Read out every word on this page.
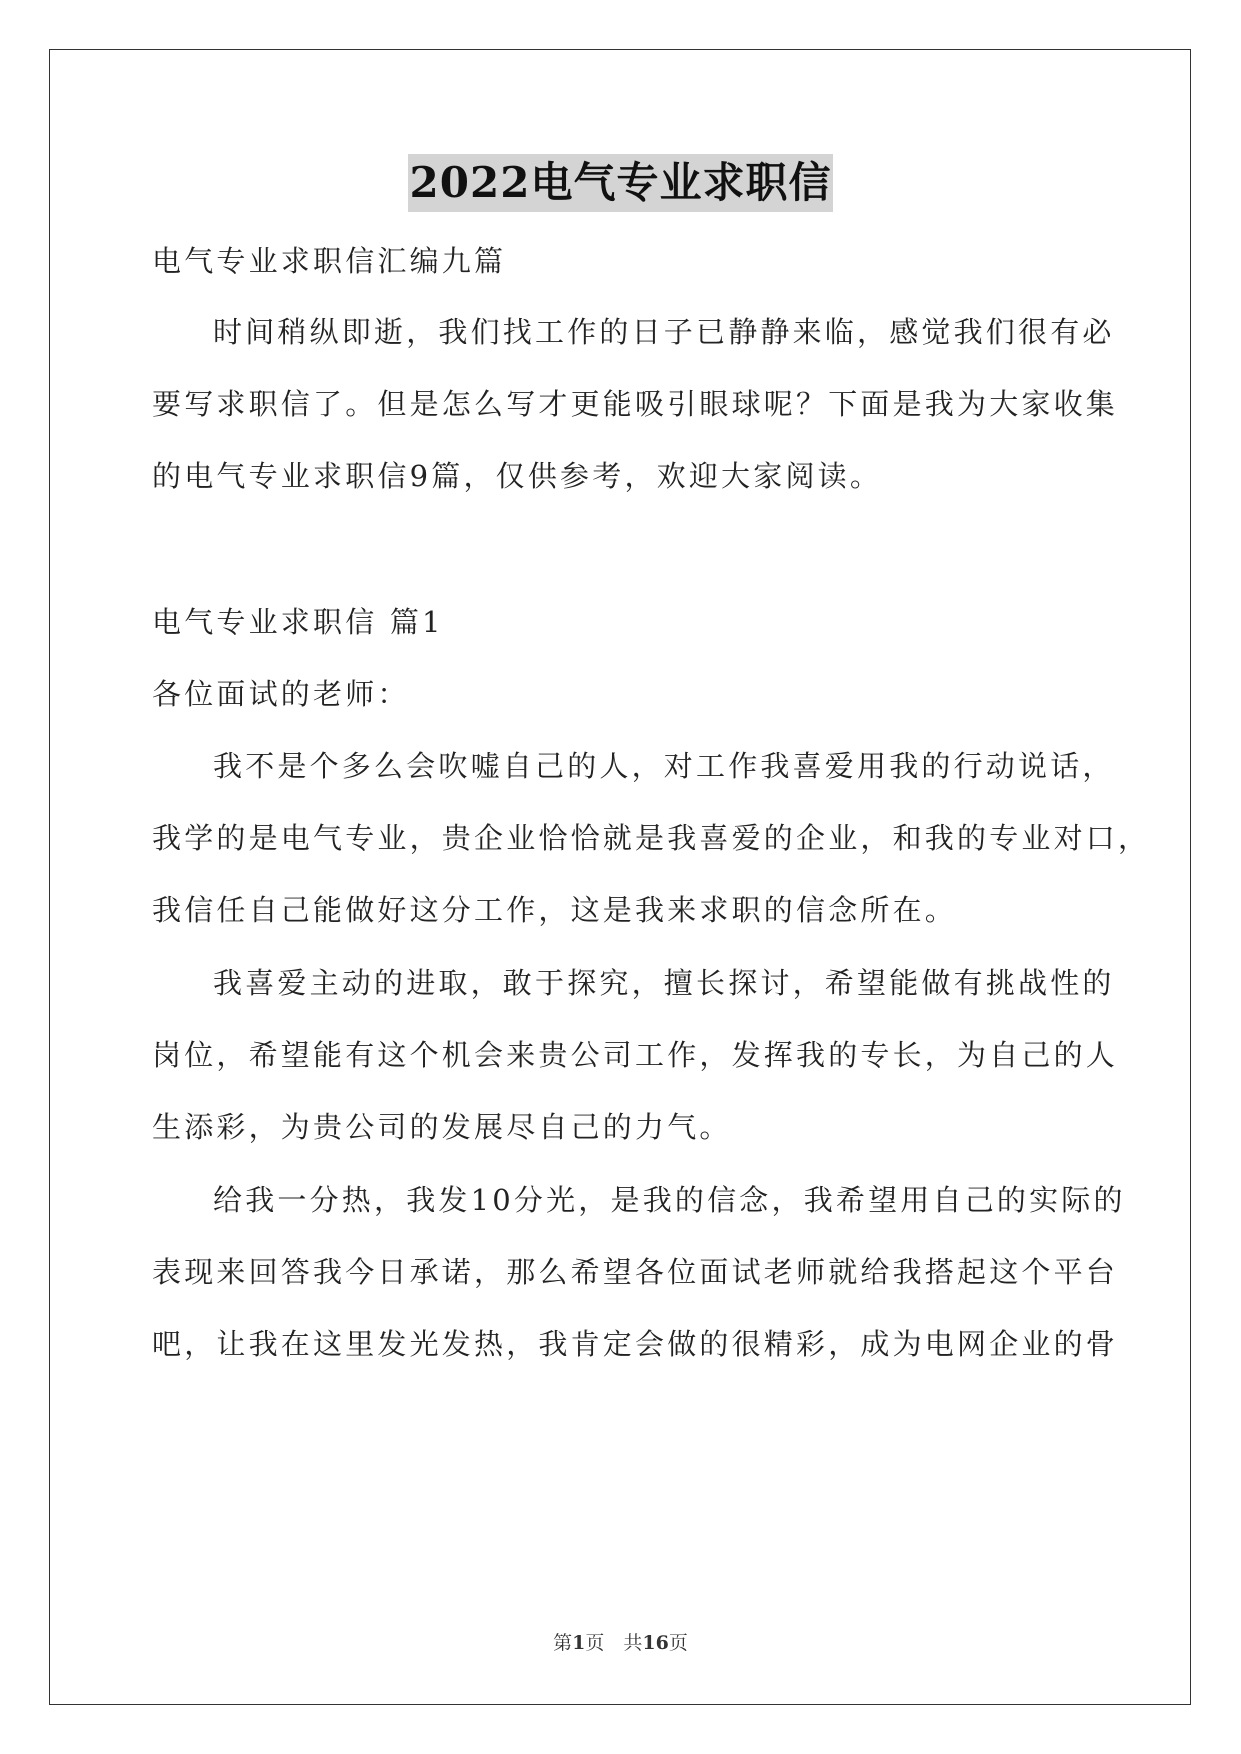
2022电气专业求职信
电气专业求职信汇编九篇
时间稍纵即逝，我们找工作的日子已静静来临，感觉我们很有必
要写求职信了。但是怎么写才更能吸引眼球呢？下面是我为大家收集
的电气专业求职信9篇，仅供参考，欢迎大家阅读。
电气专业求职信 篇1
各位面试的老师：
我不是个多么会吹嘘自己的人，对工作我喜爱用我的行动说话，
我学的是电气专业，贵企业恰恰就是我喜爱的企业，和我的专业对口，
我信任自己能做好这分工作，这是我来求职的信念所在。
我喜爱主动的进取，敢于探究，擅长探讨，希望能做有挑战性的
岗位，希望能有这个机会来贵公司工作，发挥我的专长，为自己的人
生添彩，为贵公司的发展尽自己的力气。
给我一分热，我发10分光，是我的信念，我希望用自己的实际的
表现来回答我今日承诺，那么希望各位面试老师就给我搭起这个平台
吧，让我在这里发光发热，我肯定会做的很精彩，成为电网企业的骨
第1页　共16页
